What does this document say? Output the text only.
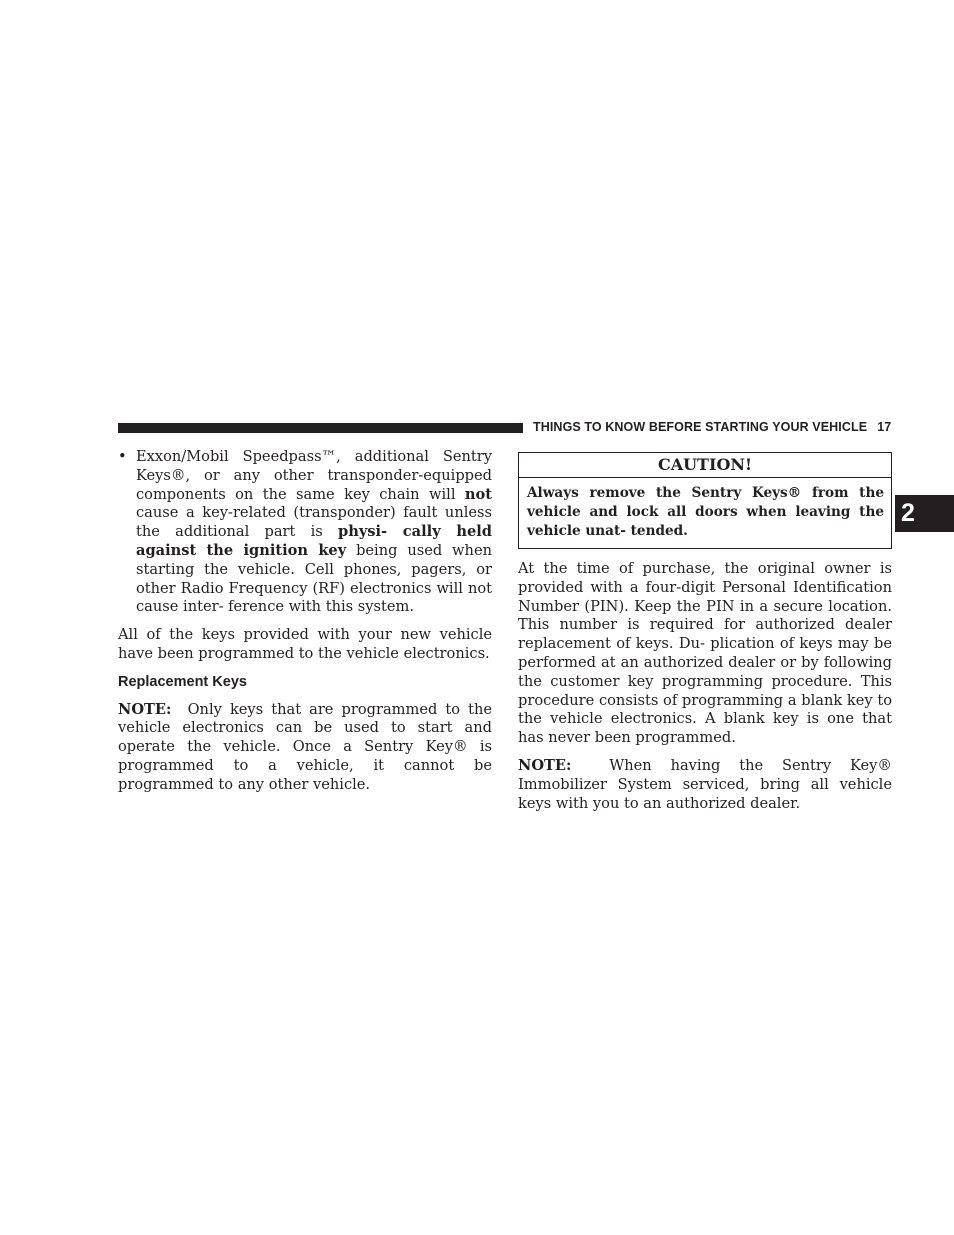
THINGS TO KNOW BEFORE STARTING YOUR VEHICLE 17
2

• Exxon/Mobil Speedpass™, additional Sentry Keys®, or any other transponder-equipped components on the same key chain will not cause a key-related (transponder) fault unless the additional part is physi- cally held against the ignition key being used when starting the vehicle. Cell phones, pagers, or other Radio Frequency (RF) electronics will not cause inter- ference with this system.

All of the keys provided with your new vehicle have been programmed to the vehicle electronics.

Replacement Keys

NOTE: Only keys that are programmed to the vehicle electronics can be used to start and operate the vehicle. Once a Sentry Key® is programmed to a vehicle, it cannot be programmed to any other vehicle.

CAUTION!
Always remove the Sentry Keys® from the vehicle and lock all doors when leaving the vehicle unat- tended.

At the time of purchase, the original owner is provided with a four-digit Personal Identification Number (PIN). Keep the PIN in a secure location. This number is required for authorized dealer replacement of keys. Du- plication of keys may be performed at an authorized dealer or by following the customer key programming procedure. This procedure consists of programming a blank key to the vehicle electronics. A blank key is one that has never been programmed.

NOTE:	When having the Sentry Key® Immobilizer System serviced, bring all vehicle keys with you to an authorized dealer.
